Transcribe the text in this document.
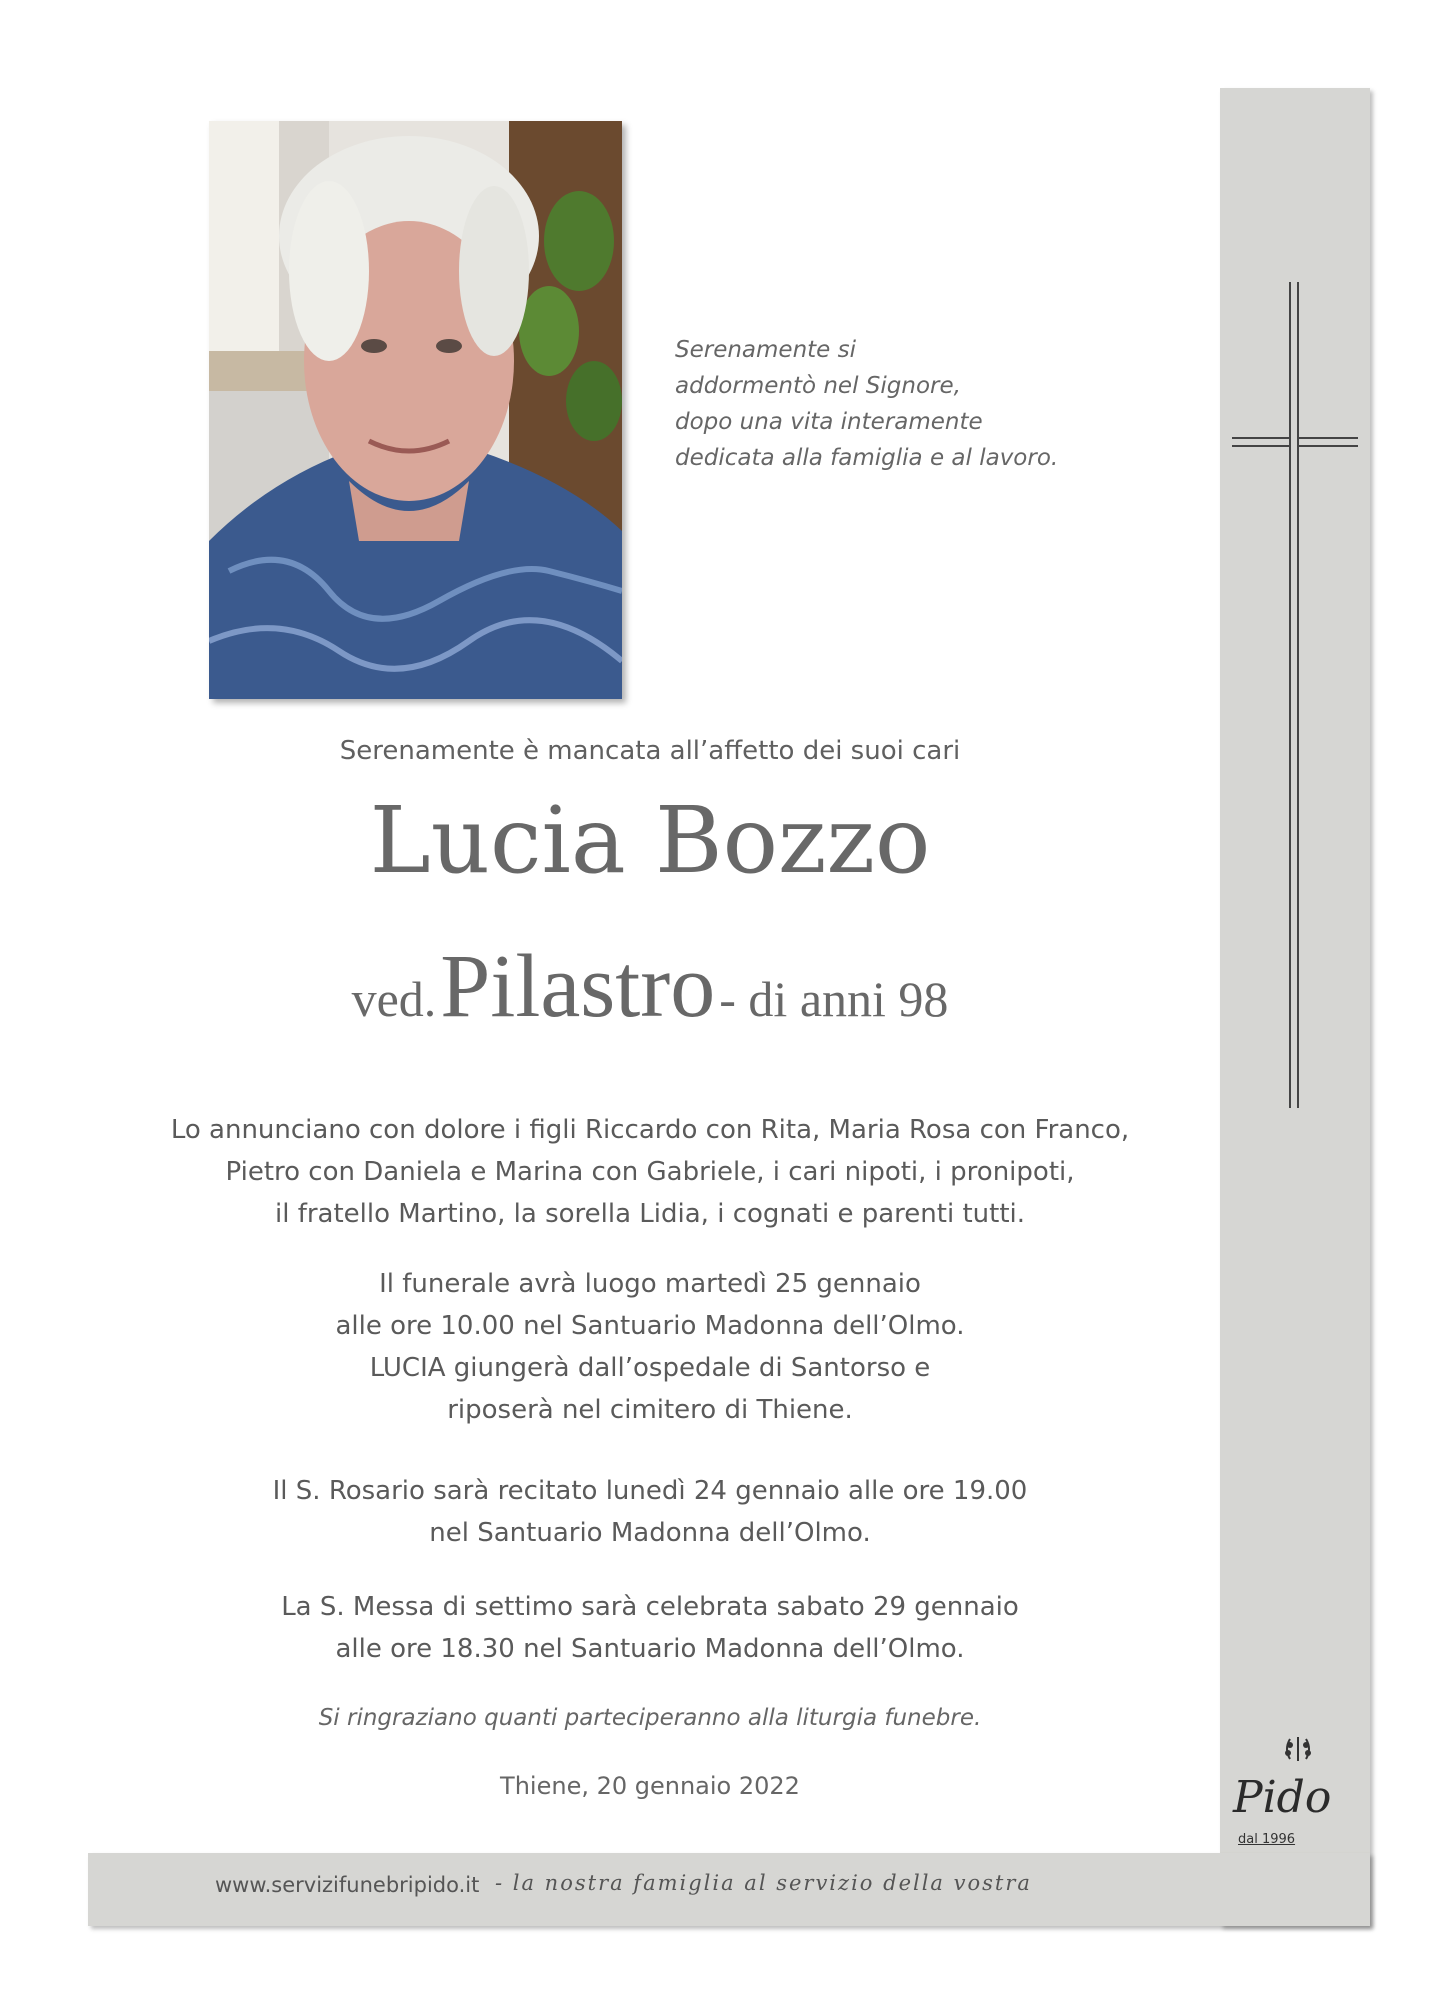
Serenamente si
addormentò nel Signore,
dopo una vita interamente
dedicata alla famiglia e al lavoro.
Serenamente è mancata all’affetto dei suoi cari
Lucia Bozzo
ved. Pilastro - di anni 98
Lo annunciano con dolore i figli Riccardo con Rita, Maria Rosa con Franco,
Pietro con Daniela e Marina con Gabriele, i cari nipoti, i pronipoti,
il fratello Martino, la sorella Lidia, i cognati e parenti tutti.
Il funerale avrà luogo martedì 25 gennaio
alle ore 10.00 nel Santuario Madonna dell’Olmo.
LUCIA giungerà dall’ospedale di Santorso e
riposerà nel cimitero di Thiene.
Il S. Rosario sarà recitato lunedì 24 gennaio alle ore 19.00
nel Santuario Madonna dell’Olmo.
La S. Messa di settimo sarà celebrata sabato 29 gennaio
alle ore 18.30 nel Santuario Madonna dell’Olmo.
Si ringraziano quanti parteciperanno alla liturgia funebre.
Thiene, 20 gennaio 2022	Pido
dal 1996
www.servizifunebripido.it - la nostra famiglia al servizio della vostra
